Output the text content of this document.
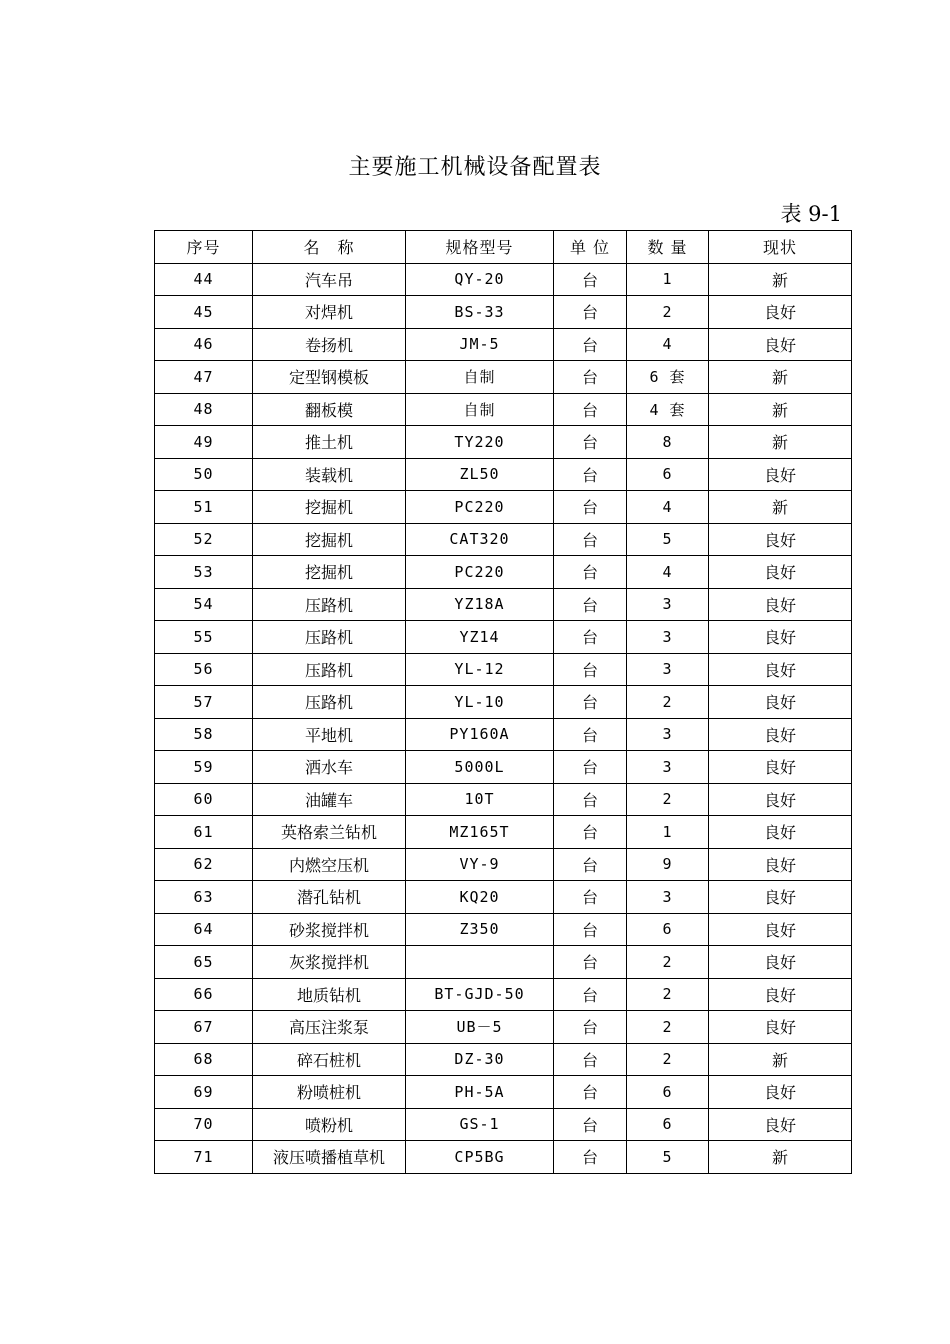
主要施工机械设备配置表
表 9-1
序号	名　称	规格型号	单 位	数 量	现状
44	汽车吊	QY-20	台	1	新
45	对焊机	BS-33	台	2	良好
46	卷扬机	JM-5	台	4	良好
47	定型钢模板	自制	台	6 套	新
48	翻板模	自制	台	4 套	新
49	推土机	TY220	台	8	新
50	装载机	ZL50	台	6	良好
51	挖掘机	PC220	台	4	新
52	挖掘机	CAT320	台	5	良好
53	挖掘机	PC220	台	4	良好
54	压路机	YZ18A	台	3	良好
55	压路机	YZ14	台	3	良好
56	压路机	YL-12	台	3	良好
57	压路机	YL-10	台	2	良好
58	平地机	PY160A	台	3	良好
59	洒水车	5000L	台	3	良好
60	油罐车	10T	台	2	良好
61	英格索兰钻机	MZ165T	台	1	良好
62	内燃空压机	VY-9	台	9	良好
63	潜孔钻机	KQ20	台	3	良好
64	砂浆搅拌机	Z350	台	6	良好
65	灰浆搅拌机		台	2	良好
66	地质钻机	BT-GJD-50	台	2	良好
67	高压注浆泵	UB－5	台	2	良好
68	碎石桩机	DZ-30	台	2	新
69	粉喷桩机	PH-5A	台	6	良好
70	喷粉机	GS-1	台	6	良好
71	液压喷播植草机	CP5BG	台	5	新
